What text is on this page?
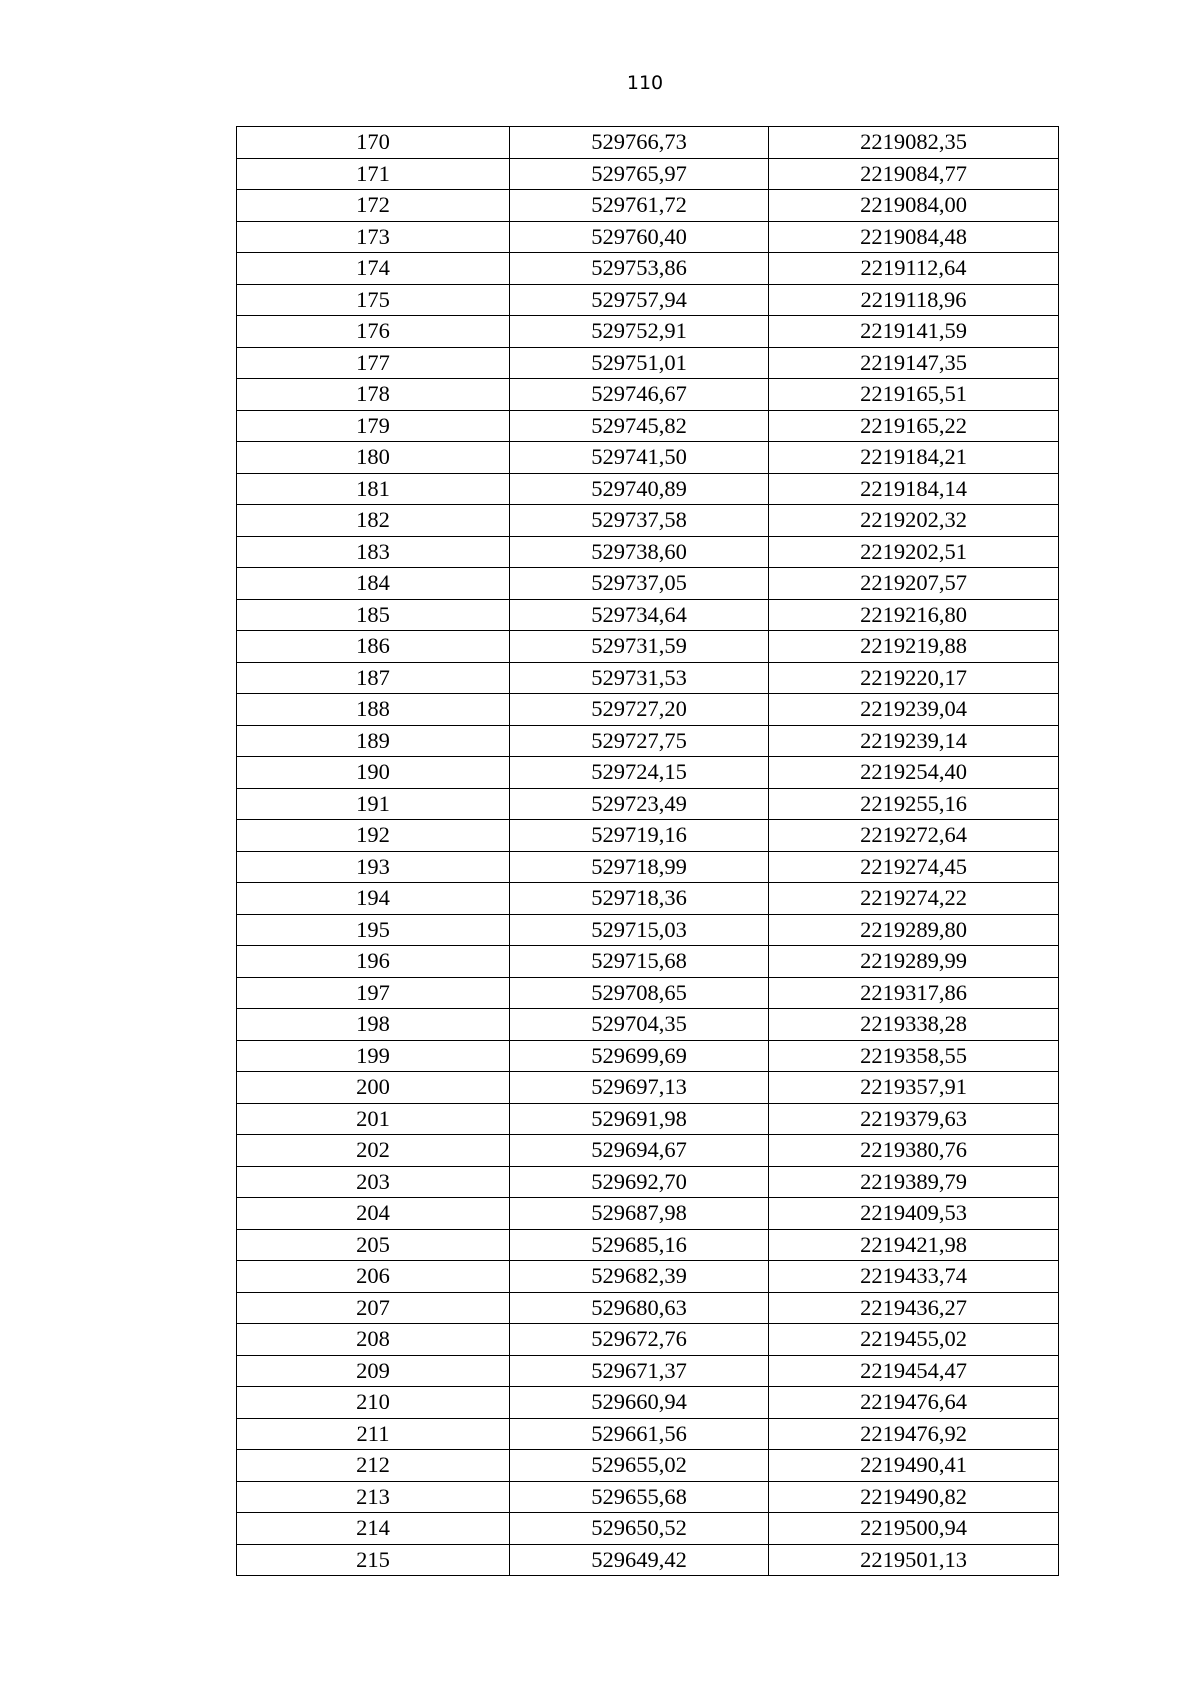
110
170	529766,73	2219082,35
171	529765,97	2219084,77
172	529761,72	2219084,00
173	529760,40	2219084,48
174	529753,86	2219112,64
175	529757,94	2219118,96
176	529752,91	2219141,59
177	529751,01	2219147,35
178	529746,67	2219165,51
179	529745,82	2219165,22
180	529741,50	2219184,21
181	529740,89	2219184,14
182	529737,58	2219202,32
183	529738,60	2219202,51
184	529737,05	2219207,57
185	529734,64	2219216,80
186	529731,59	2219219,88
187	529731,53	2219220,17
188	529727,20	2219239,04
189	529727,75	2219239,14
190	529724,15	2219254,40
191	529723,49	2219255,16
192	529719,16	2219272,64
193	529718,99	2219274,45
194	529718,36	2219274,22
195	529715,03	2219289,80
196	529715,68	2219289,99
197	529708,65	2219317,86
198	529704,35	2219338,28
199	529699,69	2219358,55
200	529697,13	2219357,91
201	529691,98	2219379,63
202	529694,67	2219380,76
203	529692,70	2219389,79
204	529687,98	2219409,53
205	529685,16	2219421,98
206	529682,39	2219433,74
207	529680,63	2219436,27
208	529672,76	2219455,02
209	529671,37	2219454,47
210	529660,94	2219476,64
211	529661,56	2219476,92
212	529655,02	2219490,41
213	529655,68	2219490,82
214	529650,52	2219500,94
215	529649,42	2219501,13
